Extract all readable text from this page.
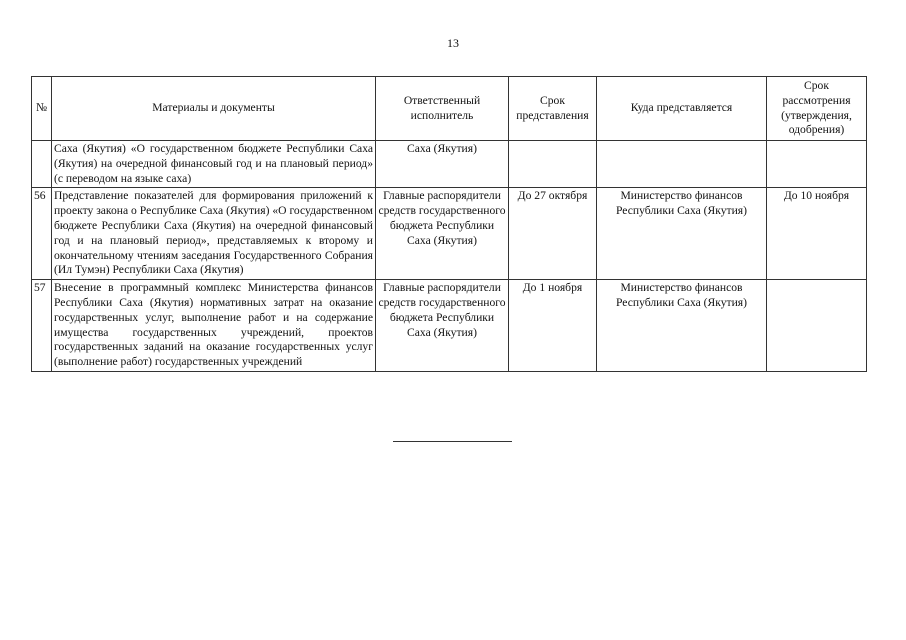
13
№	Материалы и документы	Ответственный исполнитель	Срок представления	Куда представляется	Срок рассмотрения (утверждения, одобрения)
	Саха (Якутия) «О государственном бюджете Республики Саха (Якутия) на очередной финансовый год и на плановый период» (с переводом на языке саха)	Саха (Якутия)			
56	Представление показателей для формирования приложений к проекту закона о Республике Саха (Якутия) «О государственном бюджете Республики Саха (Якутия) на очередной финансовый год и на плановый период», представляемых к второму и окончательному чтениям заседания Государственного Собрания (Ил Тумэн) Республики Саха (Якутия)	Главные распорядители средств государственного бюджета Республики Саха (Якутия)	До 27 октября	Министерство финансов Республики Саха (Якутия)	До 10 ноября
57	Внесение в программный комплекс Министерства финансов Республики Саха (Якутия) нормативных затрат на оказание государственных услуг, выполнение работ и на содержание имущества государственных учреждений, проектов государственных заданий на оказание государственных услуг (выполнение работ) государственных учреждений	Главные распорядители средств государственного бюджета Республики Саха (Якутия)	До 1 ноября	Министерство финансов Республики Саха (Якутия)	
